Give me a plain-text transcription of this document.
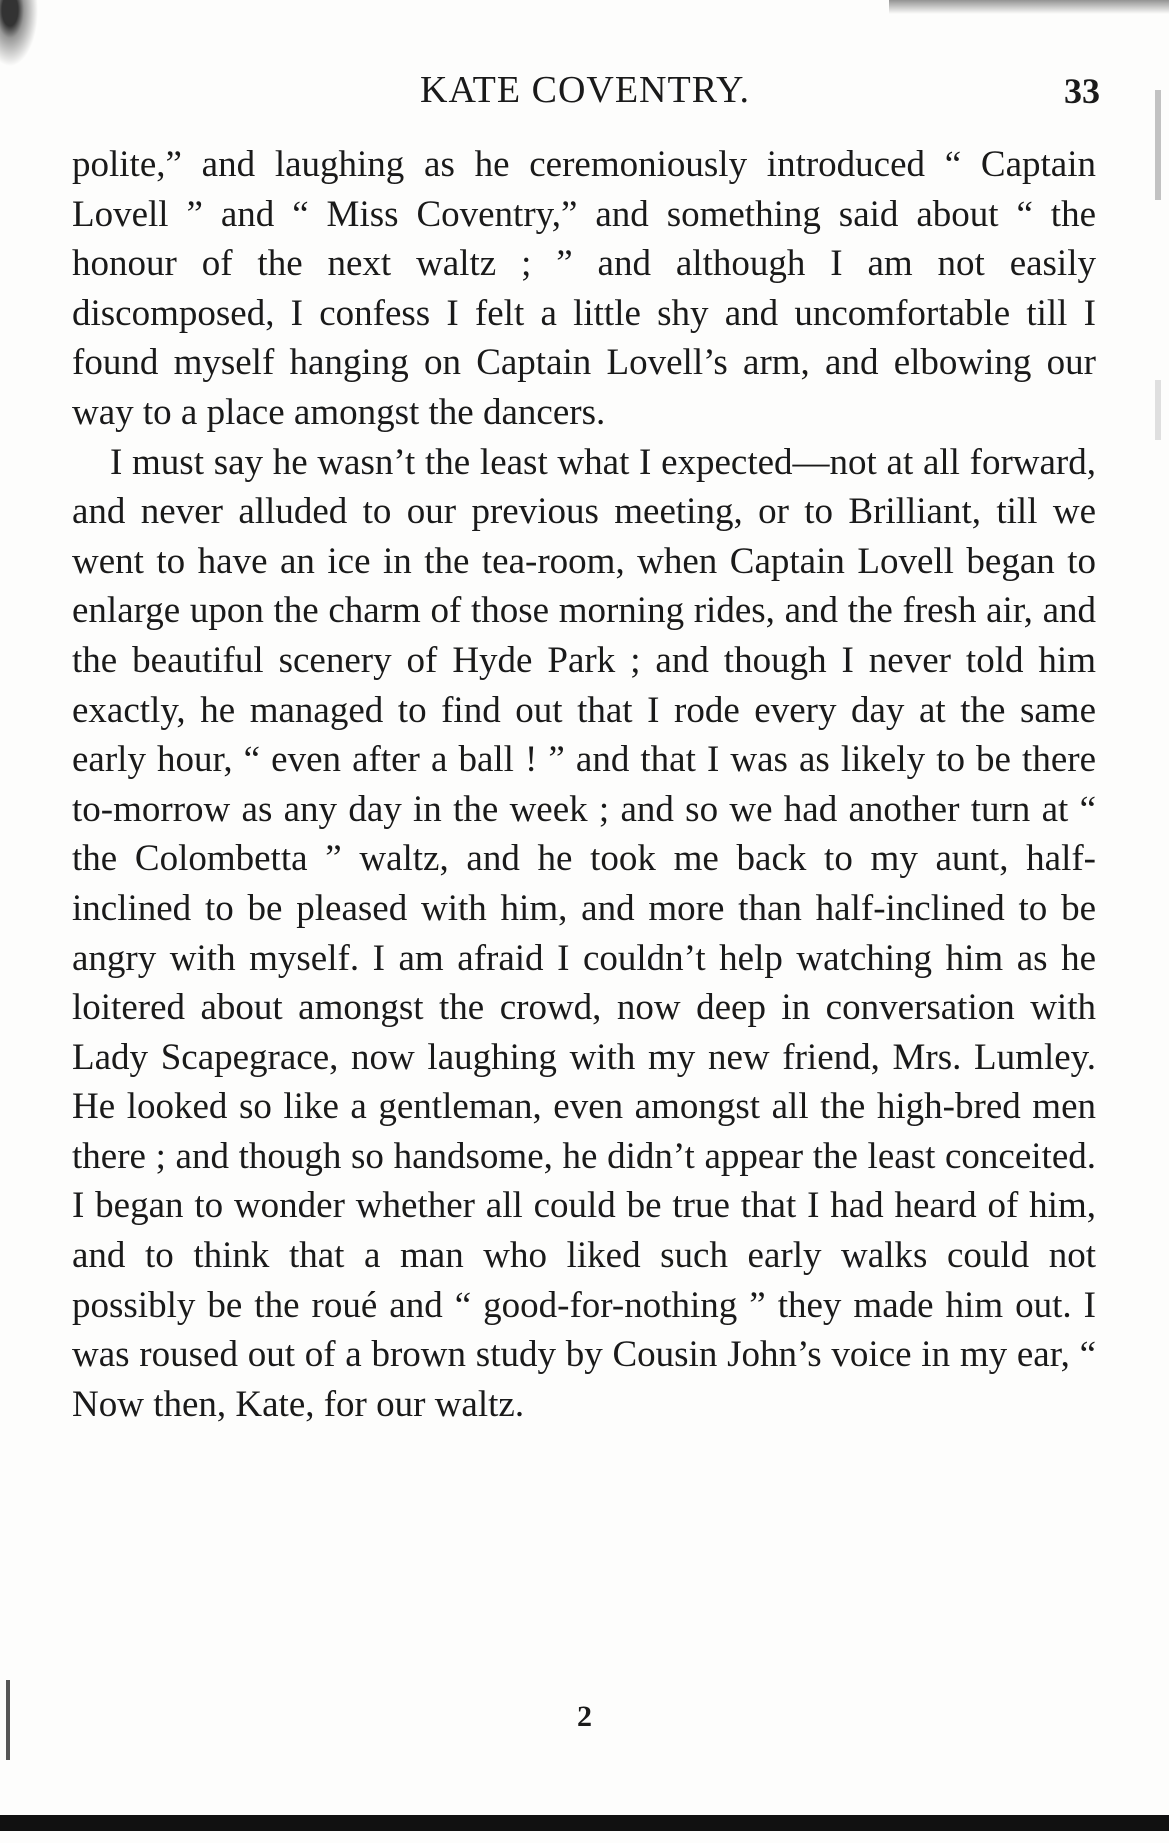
KATE COVENTRY.	33

polite,” and laughing as he ceremoniously introduced “ Captain Lovell ” and “ Miss Coventry,” and something said about “ the honour of the next waltz ; ” and although I am not easily discomposed, I confess I felt a little shy and uncomfortable till I found myself hanging on Captain Lovell’s arm, and elbowing our way to a place amongst the dancers.

I must say he wasn’t the least what I expected—not at all forward, and never alluded to our previous meeting, or to Brilliant, till we went to have an ice in the tea-room, when Captain Lovell began to enlarge upon the charm of those morning rides, and the fresh air, and the beautiful scenery of Hyde Park ; and though I never told him exactly, he managed to find out that I rode every day at the same early hour, “ even after a ball ! ” and that I was as likely to be there to-morrow as any day in the week ; and so we had another turn at “ the Colombetta ” waltz, and he took me back to my aunt, half-inclined to be pleased with him, and more than half-inclined to be angry with myself. I am afraid I couldn’t help watching him as he loitered about amongst the crowd, now deep in conversation with Lady Scapegrace, now laughing with my new friend, Mrs. Lumley. He looked so like a gentleman, even amongst all the high-bred men there ; and though so handsome, he didn’t appear the least conceited. I began to wonder whether all could be true that I had heard of him, and to think that a man who liked such early walks could not possibly be the roué and “ good-for-nothing ” they made him out. I was roused out of a brown study by Cousin John’s voice in my ear, “ Now then, Kate, for our waltz.

2
